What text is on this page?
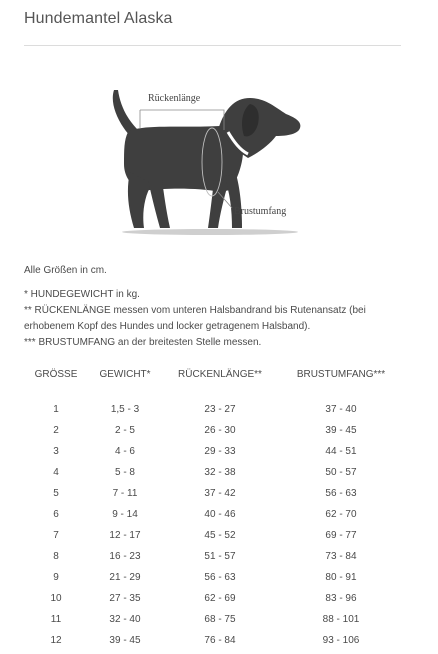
Hundemantel Alaska
Rückenlänge
Brustumfang
Alle Größen in cm.
* HUNDEGEWICHT in kg.
** RÜCKENLÄNGE messen vom unteren Halsbandrand bis Rutenansatz (bei
erhobenem Kopf des Hundes und locker getragenem Halsband).
*** BRUSTUMFANG an der breitesten Stelle messen.
GRÖSSE	GEWICHT*	RÜCKENLÄNGE**	BRUSTUMFANG***

1	1,5 - 3	23 - 27	37 - 40
2	2 - 5	26 - 30	39 - 45
3	4 - 6	29 - 33	44 - 51
4	5 - 8	32 - 38	50 - 57
5	7 - 11	37 - 42	56 - 63
6	9 - 14	40 - 46	62 - 70
7	12 - 17	45 - 52	69 - 77
8	16 - 23	51 - 57	73 - 84
9	21 - 29	56 - 63	80 - 91
10	27 - 35	62 - 69	83 - 96
11	32 - 40	68 - 75	88 - 101
12	39 - 45	76 - 84	93 - 106
